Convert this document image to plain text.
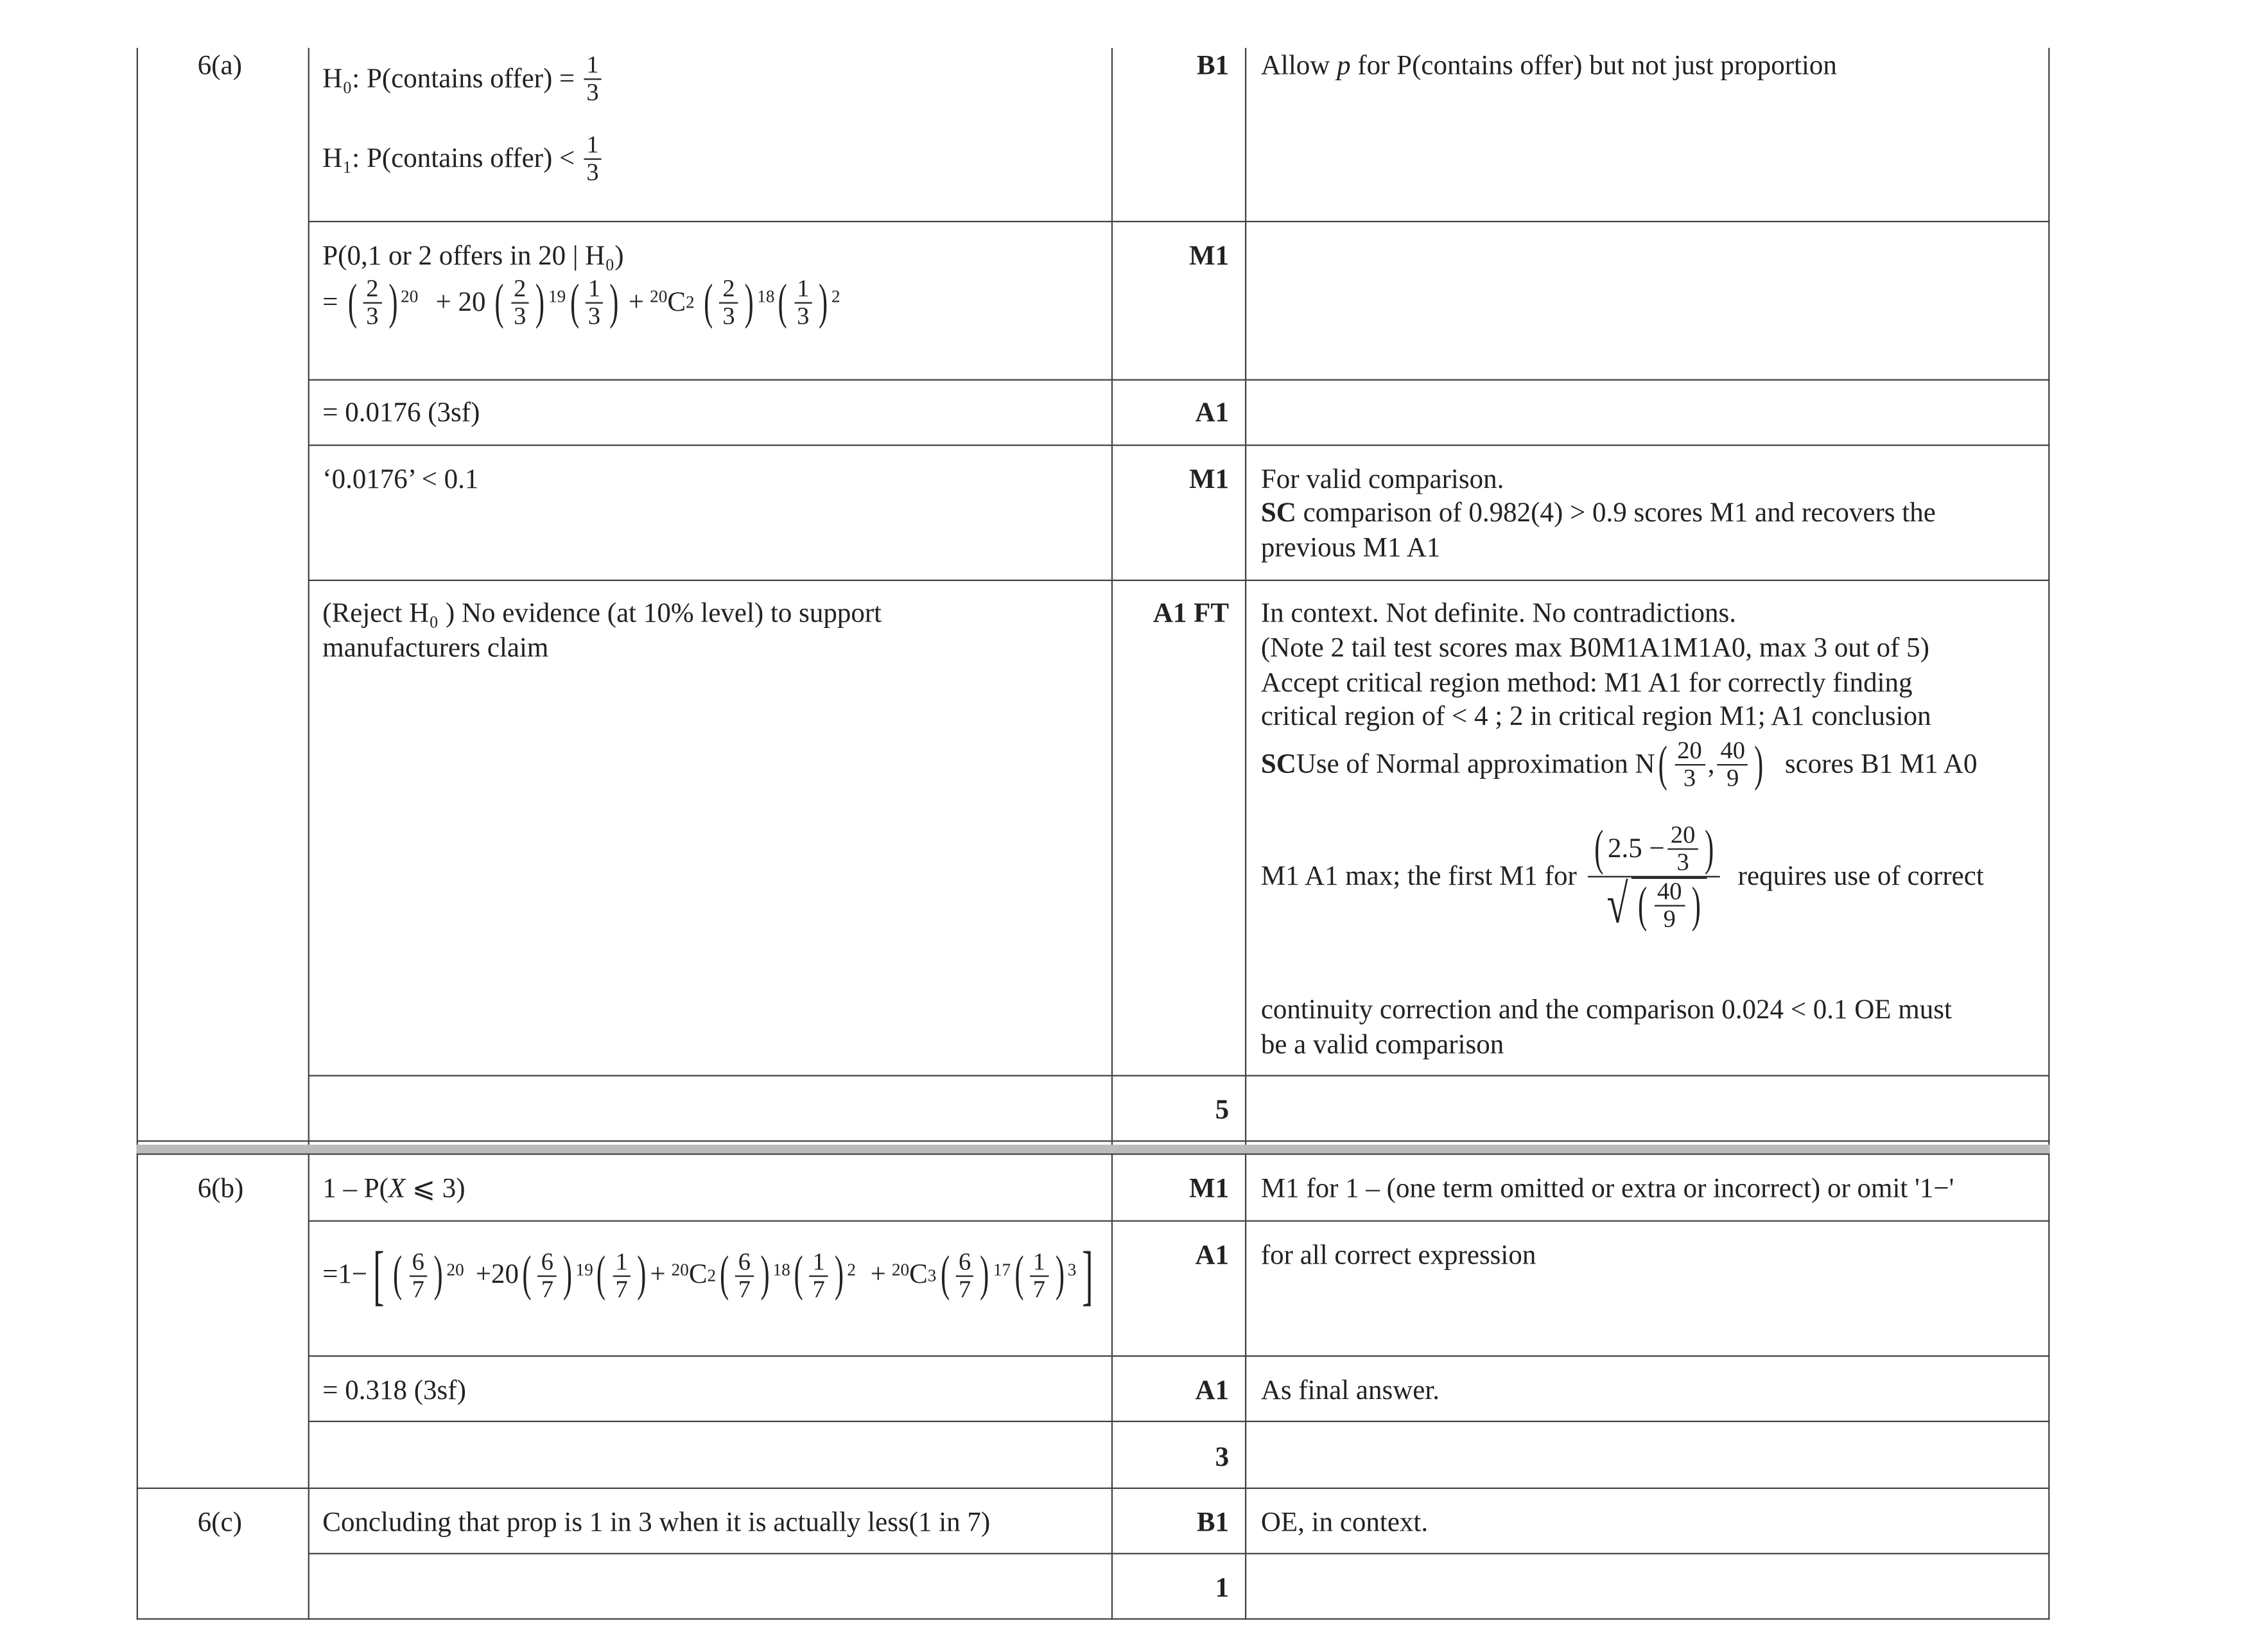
6(a)	H₀: P(contains offer) = $\frac{1}{3}$
H₁: P(contains offer) < $\frac{1}{3}$
B1	Allow p for P(contains offer) but not just proportion
P(0,1 or 2 offers in 20 | H₀)
= ( $\frac{2}{3}$ ) $^{20}$ + 20 ( $\frac{2}{3}$ ) $^{19}$ ( $\frac{1}{3}$ ) + $^{20}$ C 2 ( $\frac{2}{3}$ ) $^{18}$ ( $\frac{1}{3}$ ) $^2$
M1
= 0.0176 (3sf)	A1
‘0.0176’ < 0.1	M1	For valid comparison.
SC comparison of 0.982(4) > 0.9 scores M1 and recovers the
previous M1 A1
(Reject H₀ ) No evidence (at 10% level) to support
manufacturers claim
A1 FT	In context. Not definite. No contradictions.
(Note 2 tail test scores max B0M1A1M1A0, max 3 out of 5)
Accept critical region method: M1 A1 for correctly finding
critical region of < 4 ; 2 in critical region M1; A1 conclusion
SC Use of Normal approximation N ( $\frac{20}{3}$ , $\frac{40}{9}$ ) scores B1 M1 A0
M1 A1 max; the first M1 for $\frac{( 2.5 - \frac{20}{3} )}{√ ( \frac{40}{9} )}$ requires use of correct
continuity correction and the comparison 0.024 < 0.1 OE must
be a valid comparison
5
6(b)	1 – P(X ⩽ 3)	M1	M1 for 1 – (one term omitted or extra or incorrect) or omit '1−'
=1− [ ( $\frac{6}{7}$ ) $^{20}$ +20 ( $\frac{6}{7}$ ) $^{19}$ ( $\frac{1}{7}$ ) + $^{20}$ C 2 ( $\frac{6}{7}$ ) $^{18}$ ( $\frac{1}{7}$ ) $^2$ + $^{20}$ C 3 ( $\frac{6}{7}$ ) $^{17}$ ( $\frac{1}{7}$ ) $^3$ ]	A1	for all correct expression
= 0.318 (3sf)	A1	As final answer.
3
6(c)	Concluding that prop is 1 in 3 when it is actually less(1 in 7)	B1	OE, in context.
1
